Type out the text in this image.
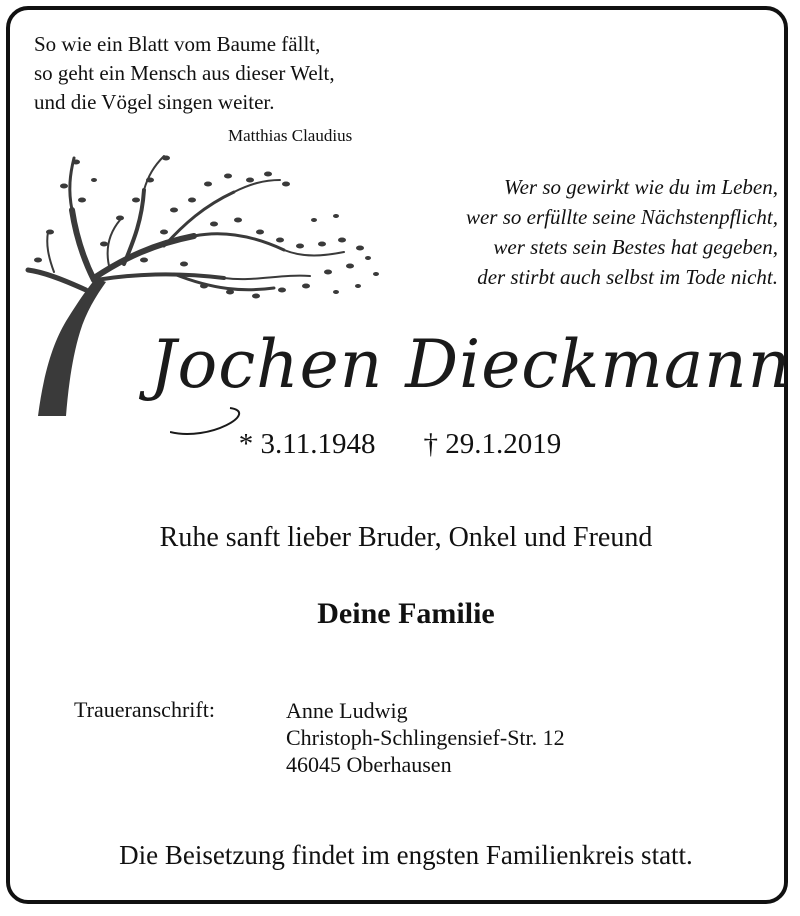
So wie ein Blatt vom Baume fällt,
so geht ein Mensch aus dieser Welt,
und die Vögel singen weiter.
Matthias Claudius
Wer so gewirkt wie du im Leben,
wer so erfüllte seine Nächstenpflicht,
wer stets sein Bestes hat gegeben,
der stirbt auch selbst im Tode nicht.
Jochen Dieckmann
* 3.11.1948 † 29.1.2019
Ruhe sanft lieber Bruder, Onkel und Freund
Deine Familie
Traueranschrift:	Anne Ludwig
Christoph-Schlingensief-Str. 12
46045 Oberhausen
Die Beisetzung findet im engsten Familienkreis statt.
